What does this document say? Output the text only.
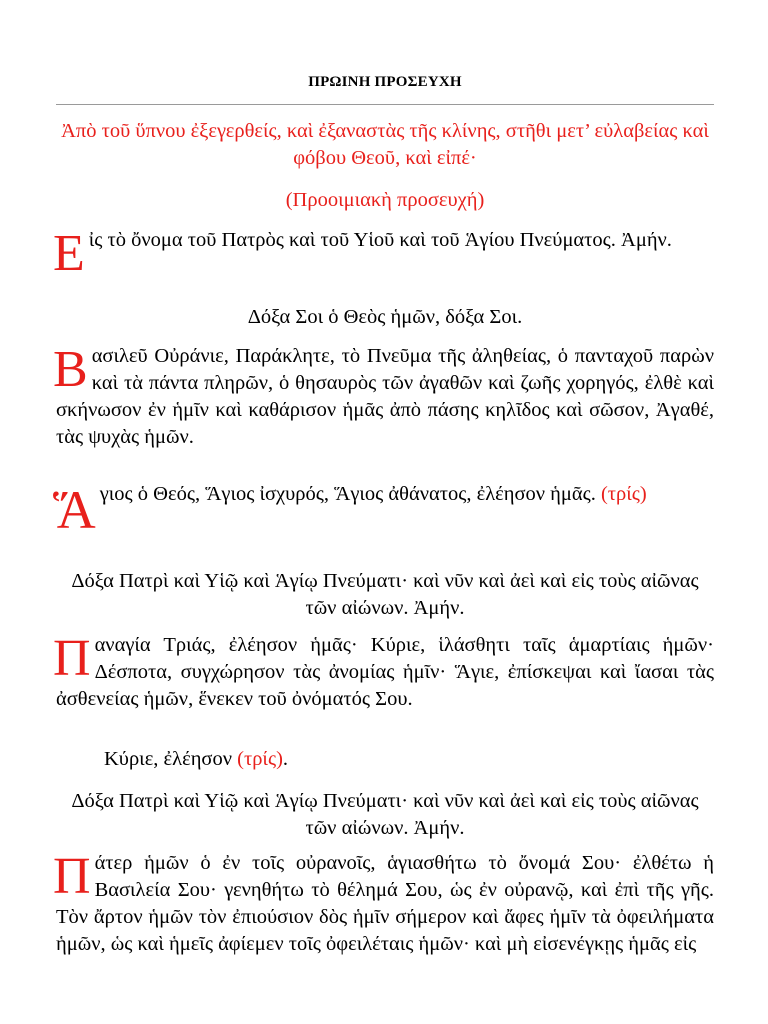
ΠΡΩΙΝΗ ΠΡΟΣΕΥΧΗ
Ἀπὸ τοῦ ὕπνου ἐξεγερθείς, καὶ ἐξαναστὰς τῆς κλίνης, στῆθι μετ’ εὐλαβείας καὶ φόβου Θεοῦ, καὶ εἰπέ·
(Προοιμιακὴ προσευχή)
Εἰς τὸ ὄνομα τοῦ Πατρὸς καὶ τοῦ Υἱοῦ καὶ τοῦ Ἁγίου Πνεύματος. Ἀμήν.
Δόξα Σοι ὁ Θεὸς ἡμῶν, δόξα Σοι.
Βασιλεῦ Οὐράνιε, Παράκλητε, τὸ Πνεῦμα τῆς ἀληθείας, ὁ πανταχοῦ παρὼν καὶ τὰ πάντα πληρῶν, ὁ θησαυρὸς τῶν ἀγαθῶν καὶ ζωῆς χορηγός, ἐλθὲ καὶ σκήνωσον ἐν ἡμῖν καὶ καθάρισον ἡμᾶς ἀπὸ πάσης κηλῖδος καὶ σῶσον, Ἀγαθέ, τὰς ψυχὰς ἡμῶν.
Ἅγιος ὁ Θεός, Ἅγιος ἰσχυρός, Ἅγιος ἀθάνατος, ἐλέησον ἡμᾶς. (τρίς)
Δόξα Πατρὶ καὶ Υἱῷ καὶ Ἁγίῳ Πνεύματι· καὶ νῦν καὶ ἀεὶ καὶ εἰς τοὺς αἰῶνας τῶν αἰώνων. Ἀμήν.
Παναγία Τριάς, ἐλέησον ἡμᾶς· Κύριε, ἱλάσθητι ταῖς ἁμαρτίαις ἡμῶν· Δέσποτα, συγχώρησον τὰς ἀνομίας ἡμῖν· Ἅγιε, ἐπίσκεψαι καὶ ἴασαι τὰς ἀσθενείας ἡμῶν, ἕνεκεν τοῦ ὀνόματός Σου.
Κύριε, ἐλέησον (τρίς).
Δόξα Πατρὶ καὶ Υἱῷ καὶ Ἁγίῳ Πνεύματι· καὶ νῦν καὶ ἀεὶ καὶ εἰς τοὺς αἰῶνας τῶν αἰώνων. Ἀμήν.
Πάτερ ἡμῶν ὁ ἐν τοῖς οὐρανοῖς, ἁγιασθήτω τὸ ὄνομά Σου· ἐλθέτω ἡ Βασιλεία Σου· γενηθήτω τὸ θέλημά Σου, ὡς ἐν οὐρανῷ, καὶ ἐπὶ τῆς γῆς. Τὸν ἄρτον ἡμῶν τὸν ἐπιούσιον δὸς ἡμῖν σήμερον καὶ ἄφες ἡμῖν τὰ ὀφειλήματα ἡμῶν, ὡς καὶ ἡμεῖς ἀφίεμεν τοῖς ὀφειλέταις ἡμῶν· καὶ μὴ εἰσενέγκῃς ἡμᾶς εἰς
